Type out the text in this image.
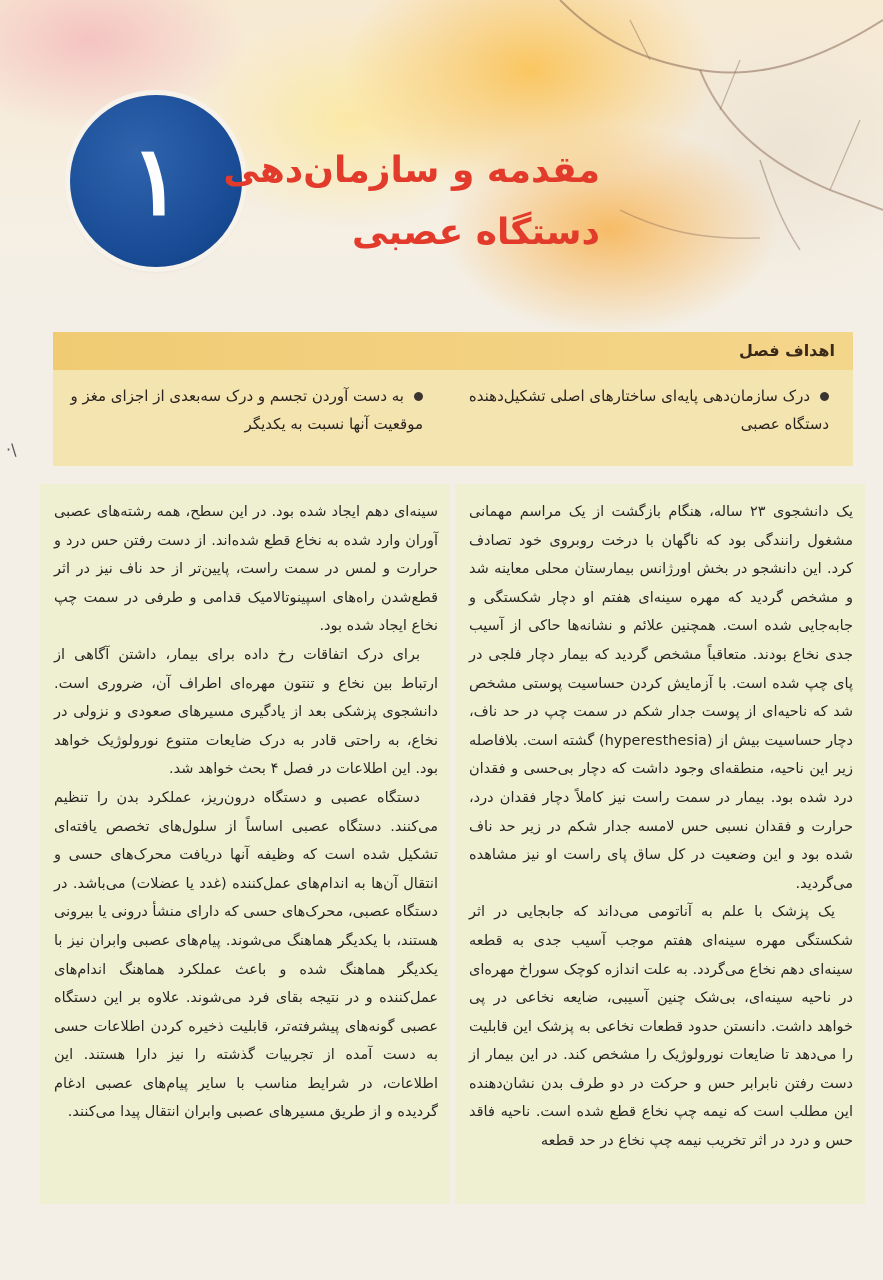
۱ مقدمه و سازمان‌دهی
دستگاه عصبی
·\
اهداف فصل
درک سازمان‌دهی پایه‌ای ساختارهای اصلی تشکیل‌دهنده دستگاه عصبی
به دست آوردن تجسم و درک سه‌بعدی از اجزای مغز و موقعیت آنها نسبت به یکدیگر

یک دانشجوی ۲۳ ساله، هنگام بازگشت از یک مراسم مهمانی مشغول رانندگی بود که ناگهان با درخت روبروی خود تصادف کرد. این دانشجو در بخش اورژانس بیمارستان محلی معاینه شد و مشخص گردید که مهره سینه‌ای هفتم او دچار شکستگی و جابه‌جایی شده است. همچنین علائم و نشانه‌ها حاکی از آسیب جدی نخاع بودند. متعاقباً مشخص گردید که بیمار دچار فلجی در پای چپ شده است. با آزمایش کردن حساسیت پوستی مشخص شد که ناحیه‌ای از پوست جدار شکم در سمت چپ در حد ناف، دچار حساسیت بیش از (hyperesthesia) گشته است. بلافاصله زیر این ناحیه، منطقه‌ای وجود داشت که دچار بی‌حسی و فقدان درد شده بود. بیمار در سمت راست نیز کاملاً دچار فقدان درد، حرارت و فقدان نسبی حس لامسه جدار شکم در زیر حد ناف شده بود و این وضعیت در کل ساق پای راست او نیز مشاهده می‌گردید.

یک پزشک با علم به آناتومی می‌داند که جابجایی در اثر شکستگی مهره سینه‌ای هفتم موجب آسیب جدی به قطعه سینه‌ای دهم نخاع می‌گردد. به علت اندازه کوچک سوراخ مهره‌ای در ناحیه سینه‌ای، بی‌شک چنین آسیبی، ضایعه نخاعی در پی خواهد داشت. دانستن حدود قطعات نخاعی به پزشک این قابلیت را می‌دهد تا ضایعات نورولوژیک را مشخص کند. در این بیمار از دست رفتن نابرابر حس و حرکت در دو طرف بدن نشان‌دهنده این مطلب است که نیمه چپ نخاع قطع شده است. ناحیه فاقد حس و درد در اثر تخریب نیمه چپ نخاع در حد قطعه

سینه‌ای دهم ایجاد شده بود. در این سطح، همه رشته‌های عصبی آوران وارد شده به نخاع قطع شده‌اند. از دست رفتن حس درد و حرارت و لمس در سمت راست، پایین‌تر از حد ناف نیز در اثر قطع‌شدن راه‌های اسپینوتالامیک قدامی و طرفی در سمت چپ نخاع ایجاد شده بود.

برای درک اتفاقات رخ داده برای بیمار، داشتن آگاهی از ارتباط بین نخاع و تنتون مهره‌ای اطراف آن، ضروری است. دانشجوی پزشکی بعد از یادگیری مسیرهای صعودی و نزولی در نخاع، به راحتی قادر به درک ضایعات متنوع نورولوژیک خواهد بود. این اطلاعات در فصل ۴ بحث خواهد شد.

دستگاه عصبی و دستگاه درون‌ریز، عملکرد بدن را تنظیم می‌کنند. دستگاه عصبی اساساً از سلول‌های تخصص یافته‌ای تشکیل شده است که وظیفه آنها دریافت محرک‌های حسی و انتقال آن‌ها به اندام‌های عمل‌کننده (غدد یا عضلات) می‌باشد. در دستگاه عصبی، محرک‌های حسی که دارای منشأ درونی یا بیرونی هستند، با یکدیگر هماهنگ می‌شوند. پیام‌های عصبی وابران نیز با یکدیگر هماهنگ شده و باعث عملکرد هماهنگ اندام‌های عمل‌کننده و در نتیجه بقای فرد می‌شوند. علاوه بر این دستگاه عصبی گونه‌های پیشرفته‌تر، قابلیت ذخیره کردن اطلاعات حسی به دست آمده از تجربیات گذشته را نیز دارا هستند. این اطلاعات، در شرایط مناسب با سایر پیام‌های عصبی ادغام گردیده و از طریق مسیرهای عصبی وابران انتقال پیدا می‌کنند.
